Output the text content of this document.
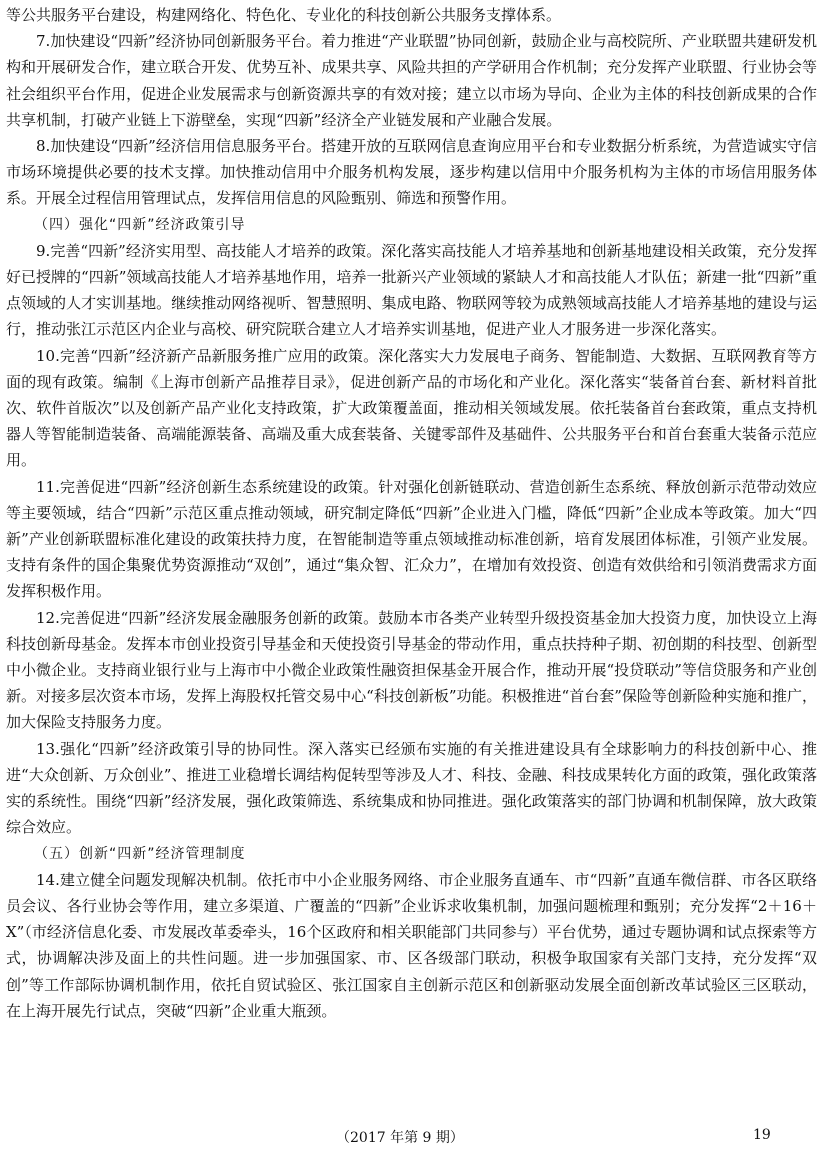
等公共服务平台建设，构建网络化、特色化、专业化的科技创新公共服务支撑体系。

7.加快建设“四新”经济协同创新服务平台。着力推进“产业联盟”协同创新，鼓励企业与高校院所、产业联盟共建研发机构和开展研发合作，建立联合开发、优势互补、成果共享、风险共担的产学研用合作机制；充分发挥产业联盟、行业协会等社会组织平台作用，促进企业发展需求与创新资源共享的有效对接；建立以市场为导向、企业为主体的科技创新成果的合作共享机制，打破产业链上下游壁垒，实现“四新”经济全产业链发展和产业融合发展。

8.加快建设“四新”经济信用信息服务平台。搭建开放的互联网信息查询应用平台和专业数据分析系统，为营造诚实守信市场环境提供必要的技术支撑。加快推动信用中介服务机构发展，逐步构建以信用中介服务机构为主体的市场信用服务体系。开展全过程信用管理试点，发挥信用信息的风险甄别、筛选和预警作用。

（四）强化“四新”经济政策引导

9.完善“四新”经济实用型、高技能人才培养的政策。深化落实高技能人才培养基地和创新基地建设相关政策，充分发挥好已授牌的“四新”领域高技能人才培养基地作用，培养一批新兴产业领域的紧缺人才和高技能人才队伍；新建一批“四新”重点领域的人才实训基地。继续推动网络视听、智慧照明、集成电路、物联网等较为成熟领域高技能人才培养基地的建设与运行，推动张江示范区内企业与高校、研究院联合建立人才培养实训基地，促进产业人才服务进一步深化落实。

10.完善“四新”经济新产品新服务推广应用的政策。深化落实大力发展电子商务、智能制造、大数据、互联网教育等方面的现有政策。编制《上海市创新产品推荐目录》，促进创新产品的市场化和产业化。深化落实“装备首台套、新材料首批次、软件首版次”以及创新产品产业化支持政策，扩大政策覆盖面，推动相关领域发展。依托装备首台套政策，重点支持机器人等智能制造装备、高端能源装备、高端及重大成套装备、关键零部件及基础件、公共服务平台和首台套重大装备示范应用。

11.完善促进“四新”经济创新生态系统建设的政策。针对强化创新链联动、营造创新生态系统、释放创新示范带动效应等主要领域，结合“四新”示范区重点推动领域，研究制定降低“四新”企业进入门槛，降低“四新”企业成本等政策。加大“四新”产业创新联盟标准化建设的政策扶持力度，在智能制造等重点领域推动标准创新，培育发展团体标准，引领产业发展。支持有条件的国企集聚优势资源推动“双创”，通过“集众智、汇众力”，在增加有效投资、创造有效供给和引领消费需求方面发挥积极作用。

12.完善促进“四新”经济发展金融服务创新的政策。鼓励本市各类产业转型升级投资基金加大投资力度，加快设立上海科技创新母基金。发挥本市创业投资引导基金和天使投资引导基金的带动作用，重点扶持种子期、初创期的科技型、创新型中小微企业。支持商业银行业与上海市中小微企业政策性融资担保基金开展合作，推动开展“投贷联动”等信贷服务和产业创新。对接多层次资本市场，发挥上海股权托管交易中心“科技创新板”功能。积极推进“首台套”保险等创新险种实施和推广，加大保险支持服务力度。

13.强化“四新”经济政策引导的协同性。深入落实已经颁布实施的有关推进建设具有全球影响力的科技创新中心、推进“大众创新、万众创业”、推进工业稳增长调结构促转型等涉及人才、科技、金融、科技成果转化方面的政策，强化政策落实的系统性。围绕“四新”经济发展，强化政策筛选、系统集成和协同推进。强化政策落实的部门协调和机制保障，放大政策综合效应。

（五）创新“四新”经济管理制度

14.建立健全问题发现解决机制。依托市中小企业服务网络、市企业服务直通车、市“四新”直通车微信群、市各区联络员会议、各行业协会等作用，建立多渠道、广覆盖的“四新”企业诉求收集机制，加强问题梳理和甄别；充分发挥“2＋16＋X”（市经济信息化委、市发展改革委牵头，16个区政府和相关职能部门共同参与）平台优势，通过专题协调和试点探索等方式，协调解决涉及面上的共性问题。进一步加强国家、市、区各级部门联动，积极争取国家有关部门支持，充分发挥“双创”等工作部际协调机制作用，依托自贸试验区、张江国家自主创新示范区和创新驱动发展全面创新改革试验区三区联动，在上海开展先行试点，突破“四新”企业重大瓶颈。

（2017 年第 9 期）	19
